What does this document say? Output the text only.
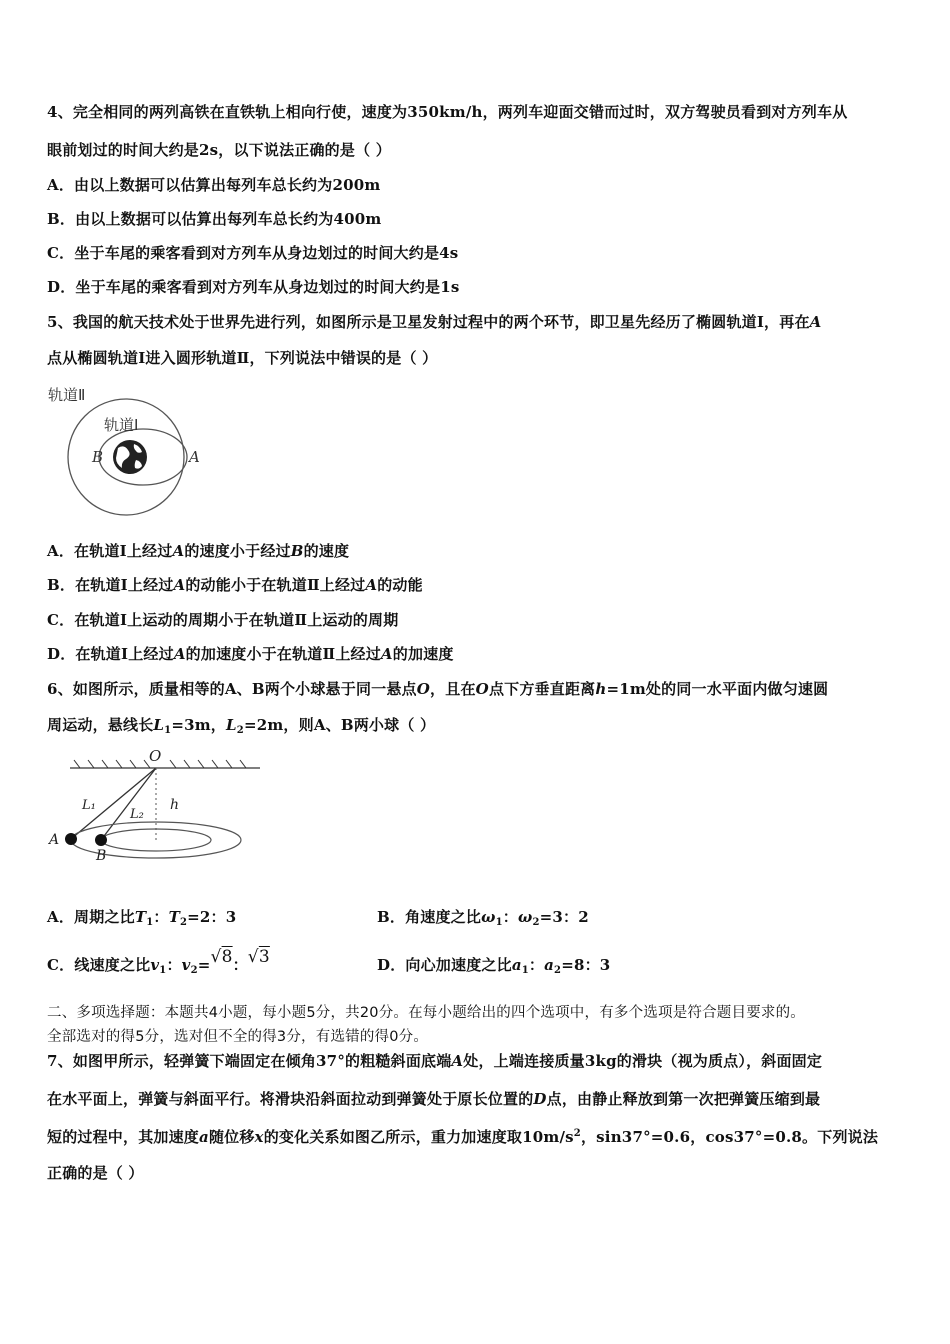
4、完全相同的两列高铁在直铁轨上相向行使，速度为350km/h，两列车迎面交错而过时，双方驾驶员看到对方列车从
眼前划过的时间大约是2s，以下说法正确的是（ ）
A．由以上数据可以估算出每列车总长约为200m
B．由以上数据可以估算出每列车总长约为400m
C．坐于车尾的乘客看到对方列车从身边划过的时间大约是4s
D．坐于车尾的乘客看到对方列车从身边划过的时间大约是1s
5、我国的航天技术处于世界先进行列，如图所示是卫星发射过程中的两个环节，即卫星先经历了椭圆轨道Ⅰ，再在A
点从椭圆轨道Ⅰ进入圆形轨道Ⅱ，下列说法中错误的是（ ）
轨道Ⅱ
轨道Ⅰ
B	A
A．在轨道Ⅰ上经过A的速度小于经过B的速度
B．在轨道Ⅰ上经过A的动能小于在轨道Ⅱ上经过A的动能
C．在轨道Ⅰ上运动的周期小于在轨道Ⅱ上运动的周期
D．在轨道Ⅰ上经过A的加速度小于在轨道Ⅱ上经过A的加速度
6、如图所示，质量相等的A、B两个小球悬于同一悬点O，且在O点下方垂直距离h=1m处的同一水平面内做匀速圆
周运动，悬线长$L_1=3m$，$L_2=2m$，则A、B两小球（ ）
O
L₁
L₂
h
A
B
A．周期之比$T_1$：$T_2=2$：3	B．角速度之比$\omega_1$：$\omega_2=3$：2
C．线速度之比$v_1$：$v_2=√8$：√3	D．向心加速度之比$a_1$：$a_2=8$：3
二、多项选择题：本题共4小题，每小题5分，共20分。在每小题给出的四个选项中，有多个选项是符合题目要求的。
全部选对的得5分，选对但不全的得3分，有选错的得0分。
7、如图甲所示，轻弹簧下端固定在倾角37°的粗糙斜面底端A处，上端连接质量3kg的滑块（视为质点），斜面固定
在水平面上，弹簧与斜面平行。将滑块沿斜面拉动到弹簧处于原长位置的D点，由静止释放到第一次把弹簧压缩到最
短的过程中，其加速度a随位移x的变化关系如图乙所示，重力加速度取$10m/s^2$，sin37°=0.6，cos37°=0.8。下列说法
正确的是（ ）
